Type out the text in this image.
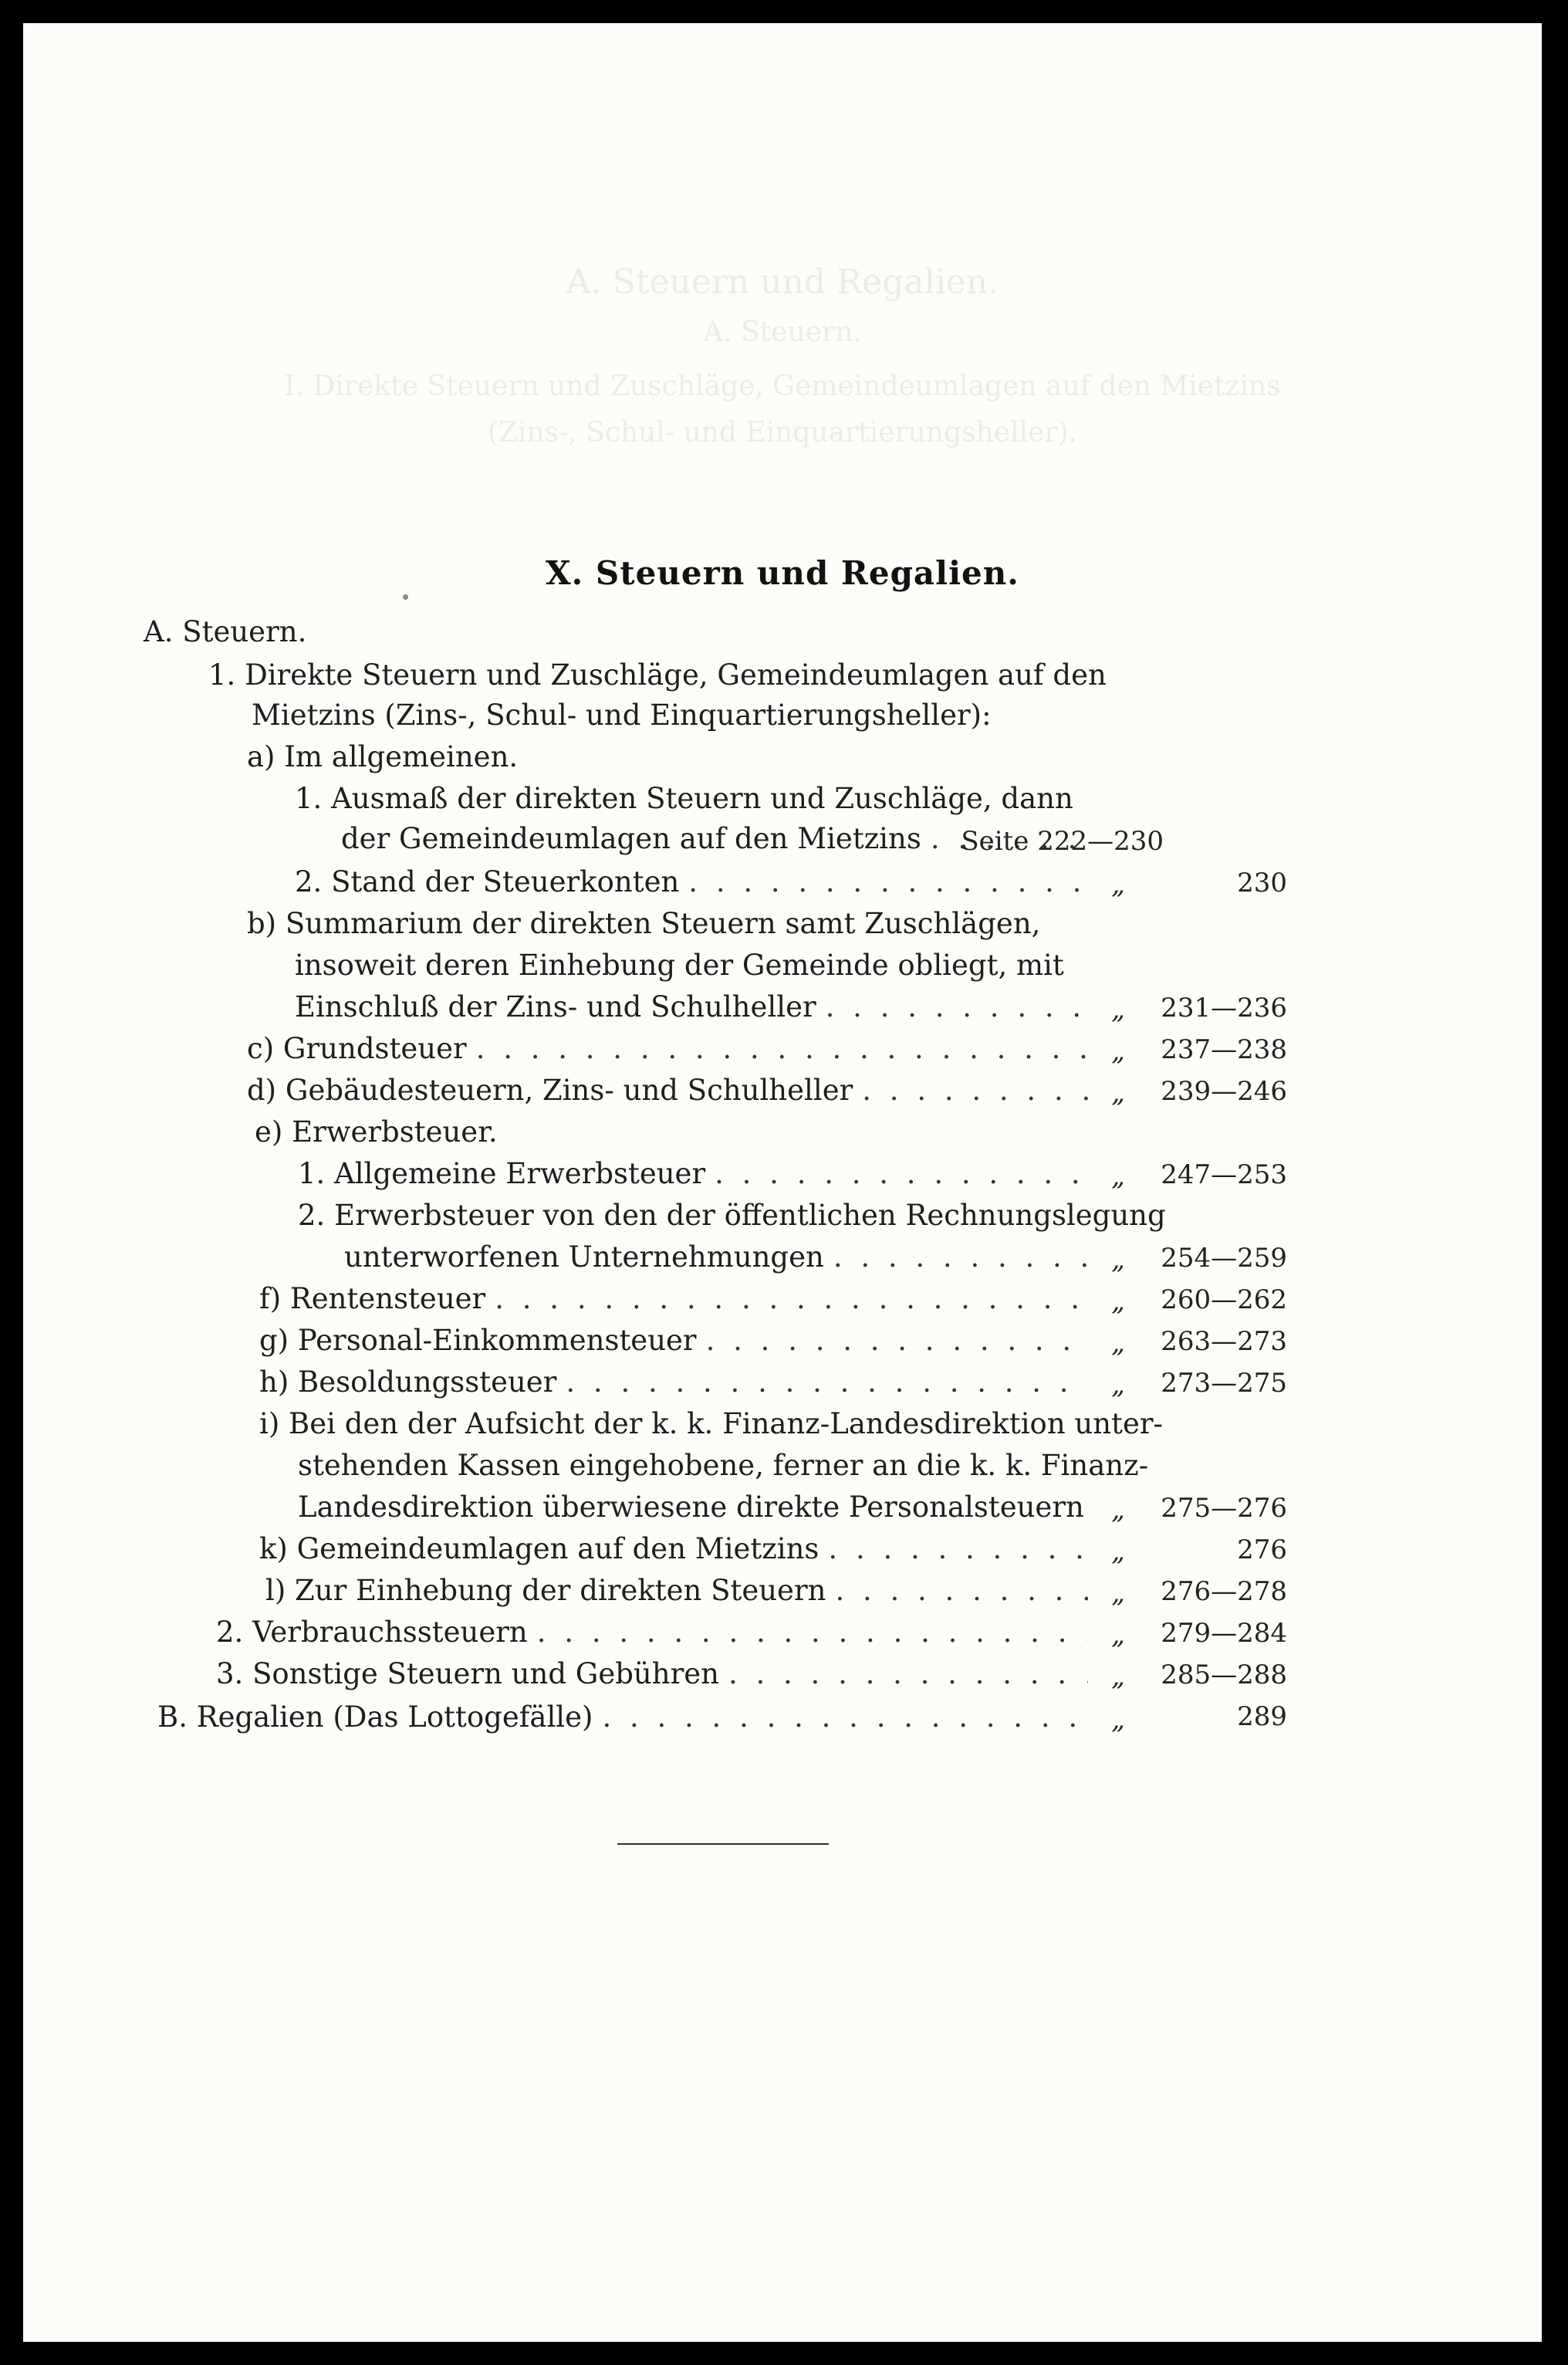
A. Steuern und Regalien.
A. Steuern.
I. Direkte Steuern und Zuschläge, Gemeindeumlagen auf den Mietzins
(Zins-, Schul- und Einquartierungsheller).
X. Steuern und Regalien.
A. Steuern.
1. Direkte Steuern und Zuschläge, Gemeindeumlagen auf den
Mietzins (Zins-, Schul- und Einquartierungsheller):
a) Im allgemeinen.
1. Ausmaß der direkten Steuern und Zuschläge, dann
der Gemeindeumlagen auf den Mietzins . . .	Seite 222—230
2. Stand der Steuerkonten . . .	„	230
b) Summarium der direkten Steuern samt Zuschlägen,
insoweit deren Einhebung der Gemeinde obliegt, mit
Einschluß der Zins- und Schulheller . . .	„	231—236
c) Grundsteuer . . .	„	237—238
d) Gebäudesteuern, Zins- und Schulheller . . .	„	239—246
e) Erwerbsteuer.
1. Allgemeine Erwerbsteuer . . .	„	247—253
2. Erwerbsteuer von den der öffentlichen Rechnungslegung
unterworfenen Unternehmungen . . .	„	254—259
f) Rentensteuer . . .	„	260—262
g) Personal-Einkommensteuer . . .	„	263—273
h) Besoldungssteuer . . .	„	273—275
i) Bei den der Aufsicht der k. k. Finanz-Landesdirektion unter-
stehenden Kassen eingehobene, ferner an die k. k. Finanz-
Landesdirektion überwiesene direkte Personalsteuern „	275—276
k) Gemeindeumlagen auf den Mietzins . . .	„	276
l) Zur Einhebung der direkten Steuern . . .	„	276—278
2. Verbrauchssteuern . . .	„	279—284
3. Sonstige Steuern und Gebühren . . .	„	285—288
B. Regalien (Das Lottogefälle) . . .	„	289
